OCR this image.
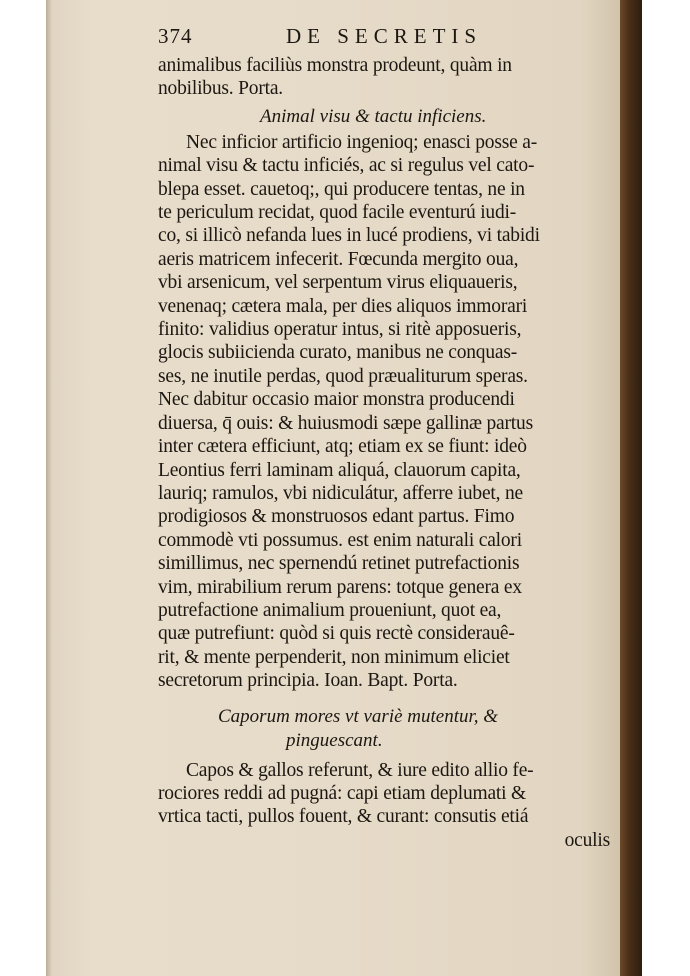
374	DE SECRETIS
animalibus faciliùs monstra prodeunt, quàm in
nobilibus. Porta.
Animal visu & tactu inficiens.
Nec inficior artificio ingenioq; enasci posse a-
nimal visu & tactu inficiés, ac si regulus vel cato-
blepa esset. cauetoq;, qui producere tentas, ne in
te periculum recidat, quod facile eventurú iudi-
co, si illicò nefanda lues in lucé prodiens, vi tabidi
aeris matricem infecerit. Fœcunda mergito oua,
vbi arsenicum, vel serpentum virus eliquaueris,
venenaq; cætera mala, per dies aliquos immorari
finito: validius operatur intus, si ritè apposueris,
glocis subiicienda curato, manibus ne conquas-
ses, ne inutile perdas, quod præualiturum speras.
Nec dabitur occasio maior monstra producendi
diuersa, q̄ ouis: & huiusmodi sæpe gallinæ partus
inter cætera efficiunt, atq; etiam ex se fiunt: ideò
Leontius ferri laminam aliquá, clauorum capita,
lauriq; ramulos, vbi nidiculátur, afferre iubet, ne
prodigiosos & monstruosos edant partus. Fimo
commodè vti possumus. est enim naturali calori
simillimus, nec spernendú retinet putrefactionis
vim, mirabilium rerum parens: totque genera ex
putrefactione animalium proueniunt, quot ea,
quæ putrefiunt: quòd si quis rectè considerauê-
rit, & mente perpenderit, non minimum eliciet
secretorum principia. Ioan. Bapt. Porta.
Caporum mores vt variè mutentur, &
pinguescant.
Capos & gallos referunt, & iure edito allio fe-
rociores reddi ad pugná: capi etiam deplumati &
vrtica tacti, pullos fouent, & curant: consutis etiá
oculis
